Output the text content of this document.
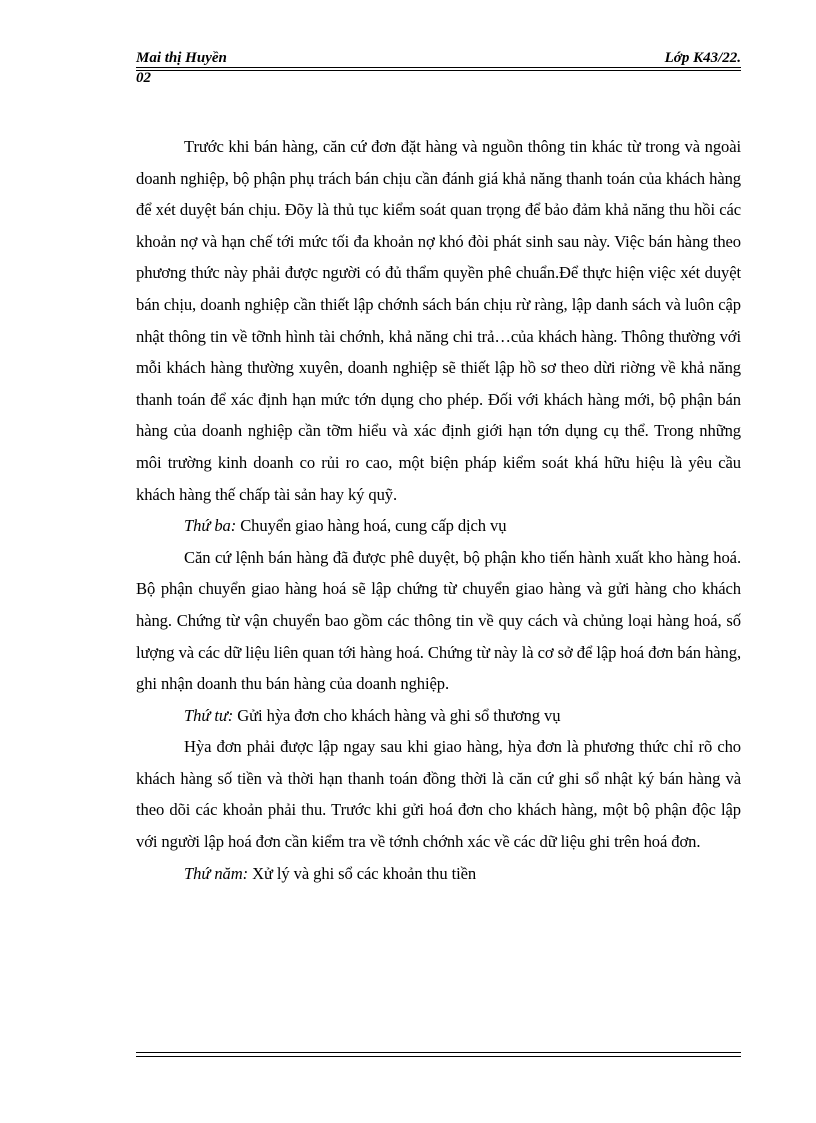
Mai thị Huyền	Lớp K43/22.
02

Trước khi bán hàng, căn cứ đơn đặt hàng và nguồn thông tin khác từ trong và ngoài doanh nghiệp, bộ phận phụ trách bán chịu cần đánh giá khả năng thanh toán của khách hàng để xét duyệt bán chịu. Đõy là thủ tục kiểm soát quan trọng để bảo đảm khả năng thu hồi các khoản nợ và hạn chế tới mức tối đa khoản nợ khó đòi phát sinh sau này. Việc bán hàng theo phương thức này phải được người có đủ thẩm quyền phê chuẩn.Để thực hiện việc xét duyệt bán chịu, doanh nghiệp cần thiết lập chớnh sách bán chịu rừ ràng, lập danh sách và luôn cập nhật thông tin về tỡnh hình tài chớnh, khả năng chi trả…của khách hàng. Thông thường với mỗi khách hàng thường xuyên, doanh nghiệp sẽ thiết lập hồ sơ theo dừi riờng về khả năng thanh toán để xác định hạn mức tớn dụng cho phép. Đối với khách hàng mới, bộ phận bán hàng của doanh nghiệp cần tỡm hiểu và xác định giới hạn tớn dụng cụ thể. Trong những môi trường kinh doanh co rủi ro cao, một biện pháp kiểm soát khá hữu hiệu là yêu cầu khách hàng thế chấp tài sản hay ký quỹ.

Thứ ba: Chuyển giao hàng hoá, cung cấp dịch vụ

Căn cứ lệnh bán hàng đã được phê duyệt, bộ phận kho tiến hành xuất kho hàng hoá. Bộ phận chuyển giao hàng hoá sẽ lập chứng từ chuyển giao hàng và gửi hàng cho khách hàng. Chứng từ vận chuyển bao gồm các thông tin về quy cách và chủng loại hàng hoá, số lượng và các dữ liệu liên quan tới hàng hoá. Chứng từ này là cơ sở để lập hoá đơn bán hàng, ghi nhận doanh thu bán hàng của doanh nghiệp.

Thứ tư: Gửi hỳa đơn cho khách hàng và ghi sổ thương vụ

Hỳa đơn phải được lập ngay sau khi giao hàng, hỳa đơn là phương thức chỉ rõ cho khách hàng số tiền và thời hạn thanh toán đồng thời là căn cứ ghi sổ nhật ký bán hàng và theo dõi các khoản phải thu. Trước khi gửi hoá đơn cho khách hàng, một bộ phận độc lập với người lập hoá đơn cần kiểm tra về tớnh chớnh xác về các dữ liệu ghi trên hoá đơn.

Thứ năm: Xử lý và ghi sổ các khoản thu tiền
